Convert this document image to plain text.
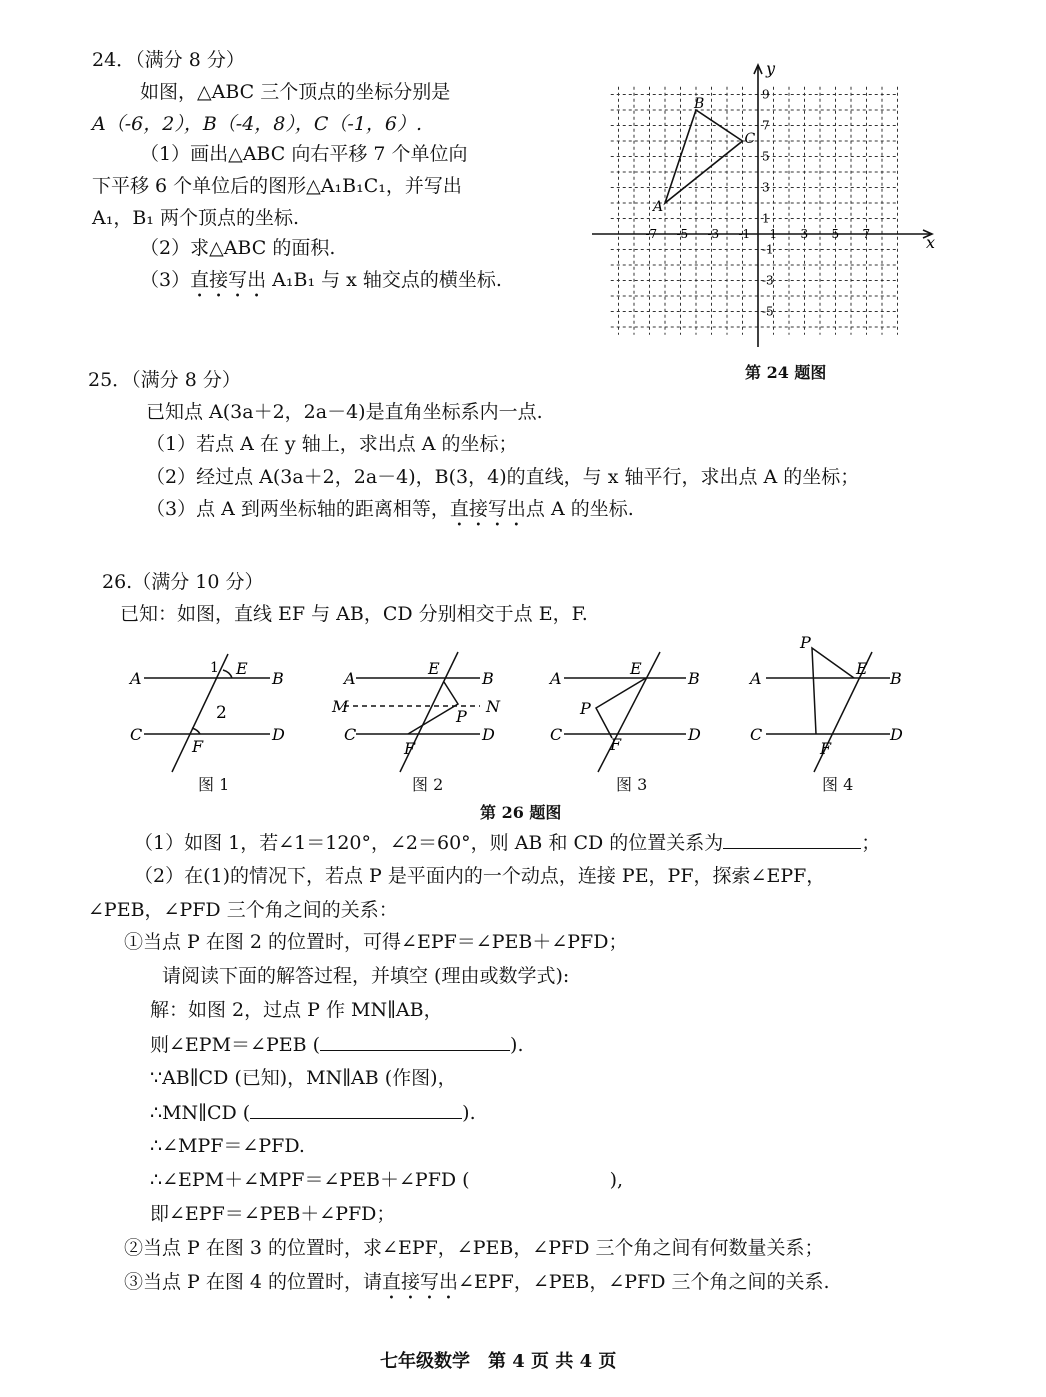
24．（满分 8 分）
如图，△ABC 三个顶点的坐标分别是
A（-6，2），B（-4，8），C（-1，6）.
（1）画出△ABC 向右平移 7 个单位向
下平移 6 个单位后的图形△A₁B₁C₁，并写出
A₁，B₁ 两个顶点的坐标.
（2）求△ABC 的面积.
（3）直接写出 A₁B₁ 与 x 轴交点的横坐标.
x
y
-7 -5 -3 -1 1 3 5 7
9
7
5
3
1
-1
-3
-5
A
B
C
第 24 题图
25．（满分 8 分）
已知点 A(3a＋2，2a－4)是直角坐标系内一点.
（1）若点 A 在 y 轴上，求出点 A 的坐标；
（2）经过点 A(3a＋2，2a－4)，B(3，4)的直线，与 x 轴平行，求出点 A 的坐标；
（3）点 A 到两坐标轴的距离相等，直接写出点 A 的坐标.
26.（满分 10 分）
已知：如图，直线 EF 与 AB，CD 分别相交于点 E，F.
A	B
C	D
E
F
1
2
图 1
A	B
M	N
C	D
E
P
F
图 2
A	B
C	D
E
P
F
图 3
P
A	B
E
C	D
F
图 4
第 26 题图
（1）如图 1，若∠1＝120°，∠2＝60°，则 AB 和 CD 的位置关系为	；
（2）在(1)的情况下，若点 P 是平面内的一个动点，连接 PE，PF，探索∠EPF，
∠PEB，∠PFD 三个角之间的关系：
①当点 P 在图 2 的位置时，可得∠EPF＝∠PEB＋∠PFD；
请阅读下面的解答过程，并填空 (理由或数学式):
解：如图 2，过点 P 作 MN∥AB，
则∠EPM＝∠PEB (	).
∵AB∥CD (已知)，MN∥AB (作图)，
∴MN∥CD (	).
∴∠MPF＝∠PFD.
∴∠EPM＋∠MPF＝∠PEB＋∠PFD (	),
即∠EPF＝∠PEB＋∠PFD；
②当点 P 在图 3 的位置时，求∠EPF，∠PEB，∠PFD 三个角之间有何数量关系；
③当点 P 在图 4 的位置时，请直接写出∠EPF，∠PEB，∠PFD 三个角之间的关系.
七年级数学　第 4 页 共 4 页
